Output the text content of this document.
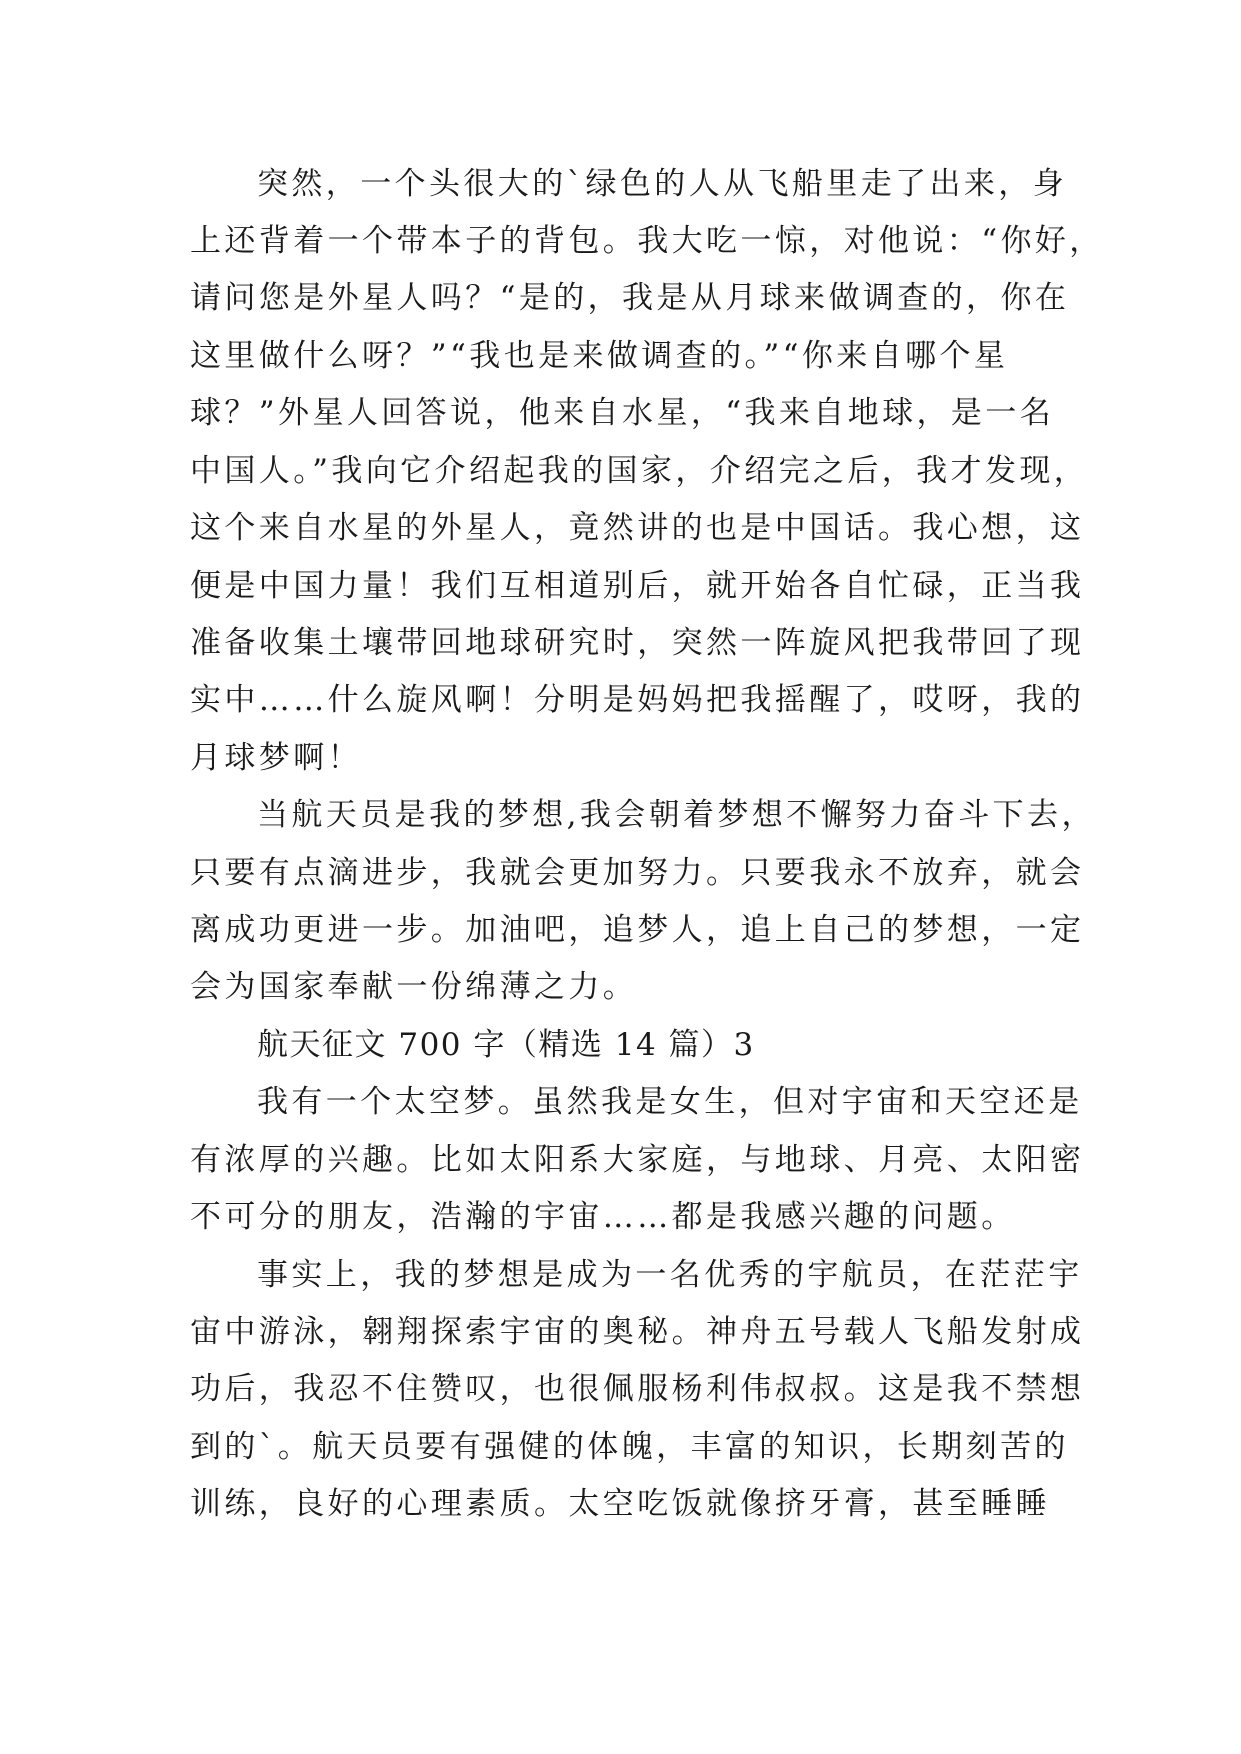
突然，一个头很大的`绿色的人从飞船里走了出来，身
上还背着一个带本子的背包。我大吃一惊，对他说：“你好，
请问您是外星人吗？“是的，我是从月球来做调查的，你在
这里做什么呀？”“我也是来做调查的。”“你来自哪个星
球？”外星人回答说，他来自水星，“我来自地球，是一名
中国人。”我向它介绍起我的国家，介绍完之后，我才发现，
这个来自水星的外星人，竟然讲的也是中国话。我心想，这
便是中国力量！我们互相道别后，就开始各自忙碌，正当我
准备收集土壤带回地球研究时，突然一阵旋风把我带回了现
实中……什么旋风啊！分明是妈妈把我摇醒了，哎呀，我的
月球梦啊！
当航天员是我的梦想,我会朝着梦想不懈努力奋斗下去，
只要有点滴进步，我就会更加努力。只要我永不放弃，就会
离成功更进一步。加油吧，追梦人，追上自己的梦想，一定
会为国家奉献一份绵薄之力。
航天征文 700 字（精选 14 篇）3
我有一个太空梦。虽然我是女生，但对宇宙和天空还是
有浓厚的兴趣。比如太阳系大家庭，与地球、月亮、太阳密
不可分的朋友，浩瀚的宇宙……都是我感兴趣的问题。
事实上，我的梦想是成为一名优秀的宇航员，在茫茫宇
宙中游泳，翱翔探索宇宙的奥秘。神舟五号载人飞船发射成
功后，我忍不住赞叹，也很佩服杨利伟叔叔。这是我不禁想
到的`。航天员要有强健的体魄，丰富的知识，长期刻苦的
训练，良好的心理素质。太空吃饭就像挤牙膏，甚至睡睡
